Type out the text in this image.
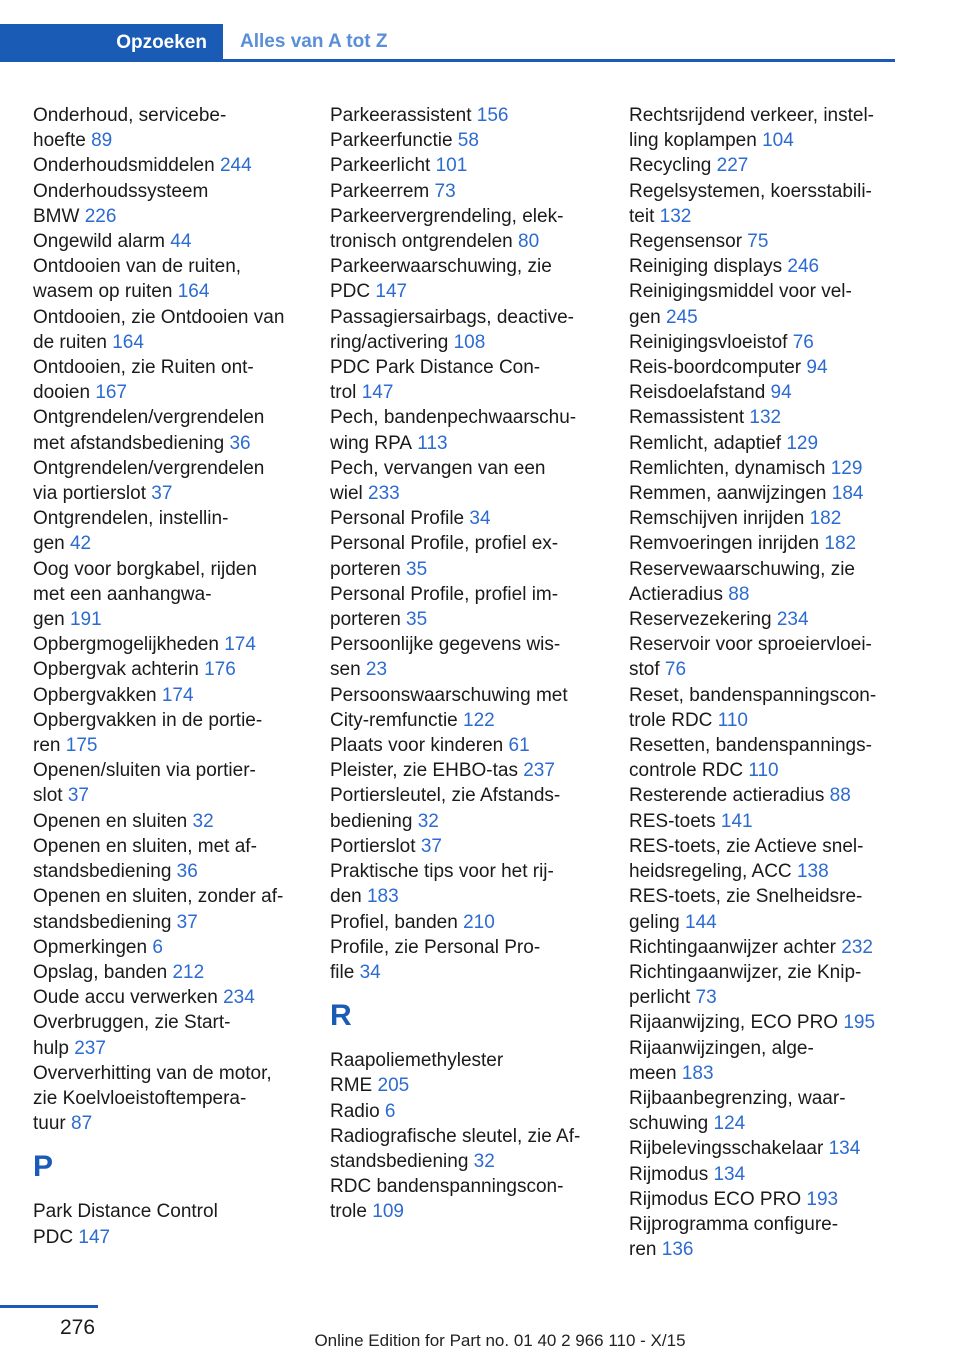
Opzoeken	Alles van A tot Z
Onderhoud, servicebe-
hoefte 89
Onderhoudsmiddelen 244
Onderhoudssysteem
BMW 226
Ongewild alarm 44
Ontdooien van de ruiten,
wasem op ruiten 164
Ontdooien, zie Ontdooien van
de ruiten 164
Ontdooien, zie Ruiten ont-
dooien 167
Ontgrendelen/vergrendelen
met afstandsbediening 36
Ontgrendelen/vergrendelen
via portierslot 37
Ontgrendelen, instellin-
gen 42
Oog voor borgkabel, rijden
met een aanhangwa-
gen 191
Opbergmogelijkheden 174
Opbergvak achterin 176
Opbergvakken 174
Opbergvakken in de portie-
ren 175
Openen/sluiten via portier-
slot 37
Openen en sluiten 32
Openen en sluiten, met af-
standsbediening 36
Openen en sluiten, zonder af-
standsbediening 37
Opmerkingen 6
Opslag, banden 212
Oude accu verwerken 234
Overbruggen, zie Start-
hulp 237
Oververhitting van de motor,
zie Koelvloeistoftempera-
tuur 87
P
Park Distance Control
PDC 147
Parkeerassistent 156
Parkeerfunctie 58
Parkeerlicht 101
Parkeerrem 73
Parkeervergrendeling, elek-
tronisch ontgrendelen 80
Parkeerwaarschuwing, zie
PDC 147
Passagiersairbags, deactive-
ring/activering 108
PDC Park Distance Con-
trol 147
Pech, bandenpechwaarschu-
wing RPA 113
Pech, vervangen van een
wiel 233
Personal Profile 34
Personal Profile, profiel ex-
porteren 35
Personal Profile, profiel im-
porteren 35
Persoonlijke gegevens wis-
sen 23
Persoonswaarschuwing met
City-remfunctie 122
Plaats voor kinderen 61
Pleister, zie EHBO-tas 237
Portiersleutel, zie Afstands-
bediening 32
Portierslot 37
Praktische tips voor het rij-
den 183
Profiel, banden 210
Profile, zie Personal Pro-
file 34
R
Raapoliemethylester
RME 205
Radio 6
Radiografische sleutel, zie Af-
standsbediening 32
RDC bandenspanningscon-
trole 109
Rechtsrijdend verkeer, instel-
ling koplampen 104
Recycling 227
Regelsystemen, koersstabili-
teit 132
Regensensor 75
Reiniging displays 246
Reinigingsmiddel voor vel-
gen 245
Reinigingsvloeistof 76
Reis-boordcomputer 94
Reisdoelafstand 94
Remassistent 132
Remlicht, adaptief 129
Remlichten, dynamisch 129
Remmen, aanwijzingen 184
Remschijven inrijden 182
Remvoeringen inrijden 182
Reservewaarschuwing, zie
Actieradius 88
Reservezekering 234
Reservoir voor sproeiervloei-
stof 76
Reset, bandenspanningscon-
trole RDC 110
Resetten, bandenspannings-
controle RDC 110
Resterende actieradius 88
RES-toets 141
RES-toets, zie Actieve snel-
heidsregeling, ACC 138
RES-toets, zie Snelheidsre-
geling 144
Richtingaanwijzer achter 232
Richtingaanwijzer, zie Knip-
perlicht 73
Rijaanwijzing, ECO PRO 195
Rijaanwijzingen, alge-
meen 183
Rijbaanbegrenzing, waar-
schuwing 124
Rijbelevingsschakelaar 134
Rijmodus 134
Rijmodus ECO PRO 193
Rijprogramma configure-
ren 136
276
Online Edition for Part no. 01 40 2 966 110 - X/15
